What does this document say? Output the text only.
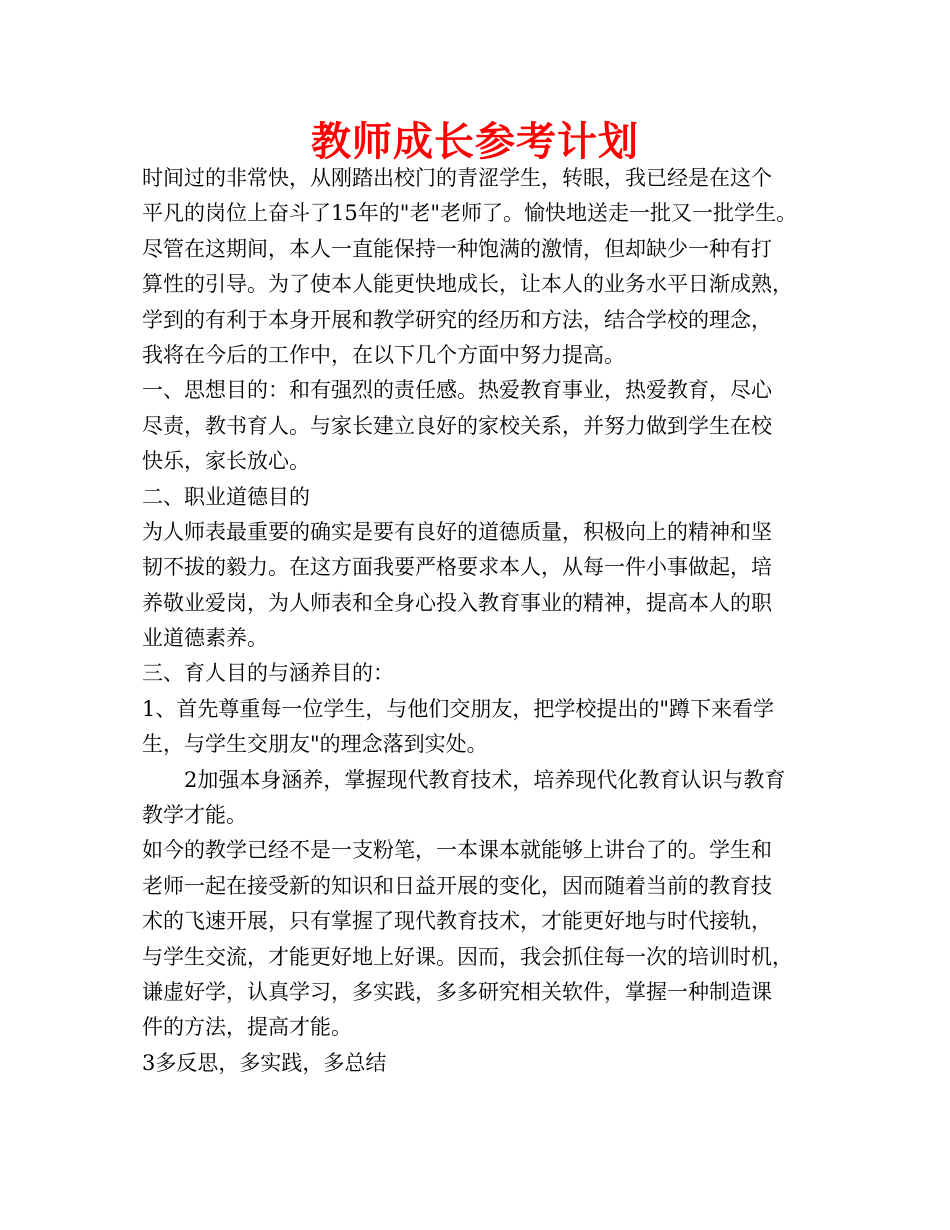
教师成长参考计划
时间过的非常快，从刚踏出校门的青涩学生，转眼，我已经是在这个
平凡的岗位上奋斗了15年的"老"老师了。愉快地送走一批又一批学生。
尽管在这期间，本人一直能保持一种饱满的激情，但却缺少一种有打
算性的引导。为了使本人能更快地成长，让本人的业务水平日渐成熟，
学到的有利于本身开展和教学研究的经历和方法，结合学校的理念，
我将在今后的工作中，在以下几个方面中努力提高。
一、思想目的：和有强烈的责任感。热爱教育事业，热爱教育，尽心
尽责，教书育人。与家长建立良好的家校关系，并努力做到学生在校
快乐，家长放心。
二、职业道德目的
为人师表最重要的确实是要有良好的道德质量，积极向上的精神和坚
韧不拔的毅力。在这方面我要严格要求本人，从每一件小事做起，培
养敬业爱岗，为人师表和全身心投入教育事业的精神，提高本人的职
业道德素养。
三、育人目的与涵养目的：
1、首先尊重每一位学生，与他们交朋友，把学校提出的"蹲下来看学
生，与学生交朋友"的理念落到实处。
2加强本身涵养，掌握现代教育技术，培养现代化教育认识与教育
教学才能。
如今的教学已经不是一支粉笔，一本课本就能够上讲台了的。学生和
老师一起在接受新的知识和日益开展的变化，因而随着当前的教育技
术的飞速开展，只有掌握了现代教育技术，才能更好地与时代接轨，
与学生交流，才能更好地上好课。因而，我会抓住每一次的培训时机，
谦虚好学，认真学习，多实践，多多研究相关软件，掌握一种制造课
件的方法，提高才能。
3多反思，多实践，多总结
